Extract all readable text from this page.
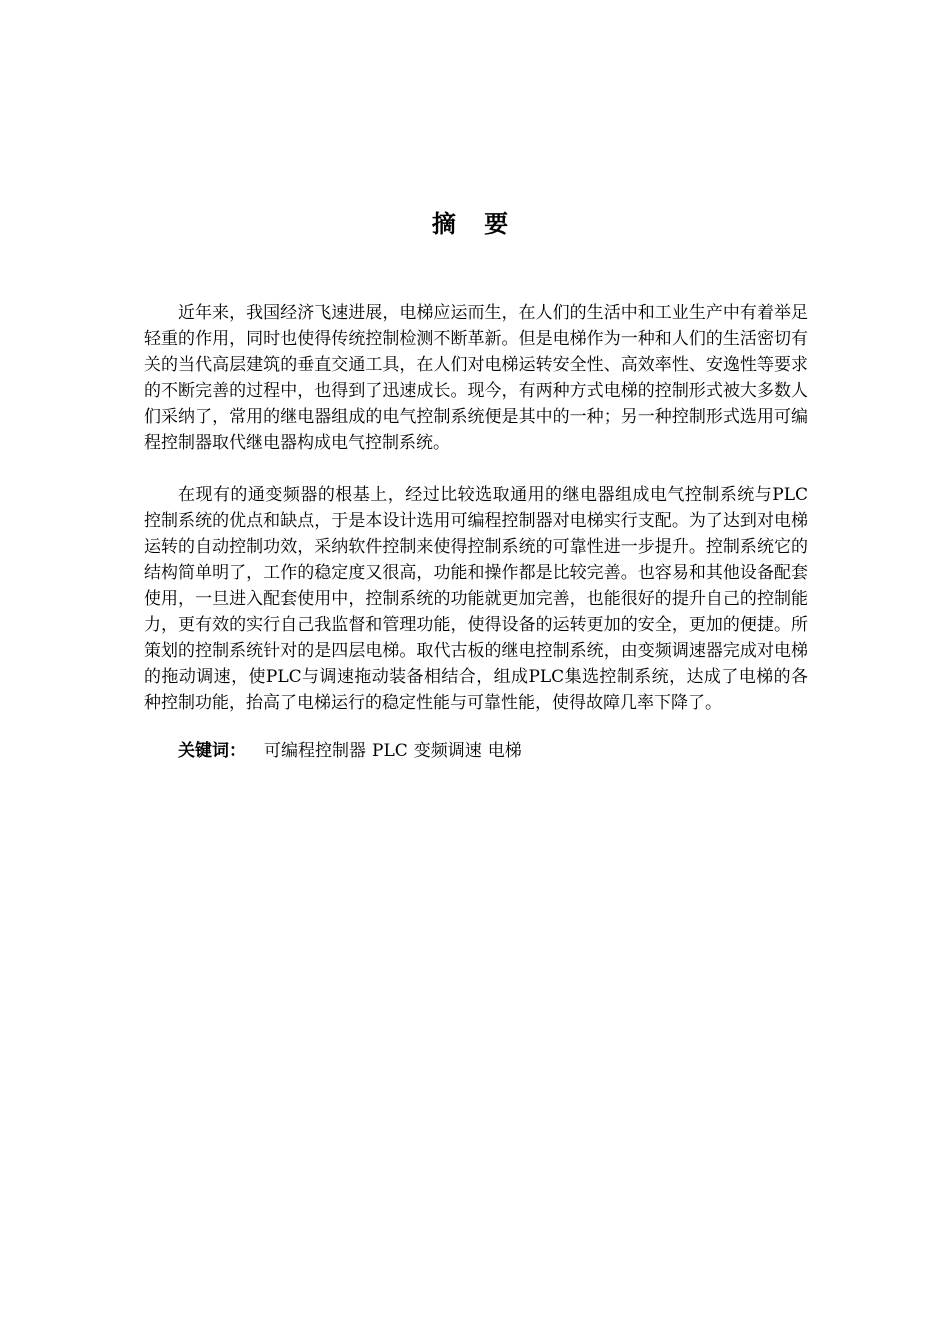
摘 要

近年来，我国经济飞速进展，电梯应运而生，在人们的生活中和工业生产中有着举足轻重的作用，同时也使得传统控制检测不断革新。但是电梯作为一种和人们的生活密切有关的当代高层建筑的垂直交通工具，在人们对电梯运转安全性、高效率性、安逸性等要求的不断完善的过程中，也得到了迅速成长。现今，有两种方式电梯的控制形式被大多数人们采纳了，常用的继电器组成的电气控制系统便是其中的一种；另一种控制形式选用可编程控制器取代继电器构成电气控制系统。

在现有的通变频器的根基上，经过比较选取通用的继电器组成电气控制系统与PLC控制系统的优点和缺点，于是本设计选用可编程控制器对电梯实行支配。为了达到对电梯运转的自动控制功效，采纳软件控制来使得控制系统的可靠性进一步提升。控制系统它的结构简单明了，工作的稳定度又很高，功能和操作都是比较完善。也容易和其他设备配套使用，一旦进入配套使用中，控制系统的功能就更加完善，也能很好的提升自己的控制能力，更有效的实行自己我监督和管理功能，使得设备的运转更加的安全，更加的便捷。所策划的控制系统针对的是四层电梯。取代古板的继电控制系统，由变频调速器完成对电梯的拖动调速，使PLC与调速拖动装备相结合，组成PLC集选控制系统，达成了电梯的各种控制功能，抬高了电梯运行的稳定性能与可靠性能，使得故障几率下降了。

关键词： 可编程控制器 PLC 变频调速 电梯
